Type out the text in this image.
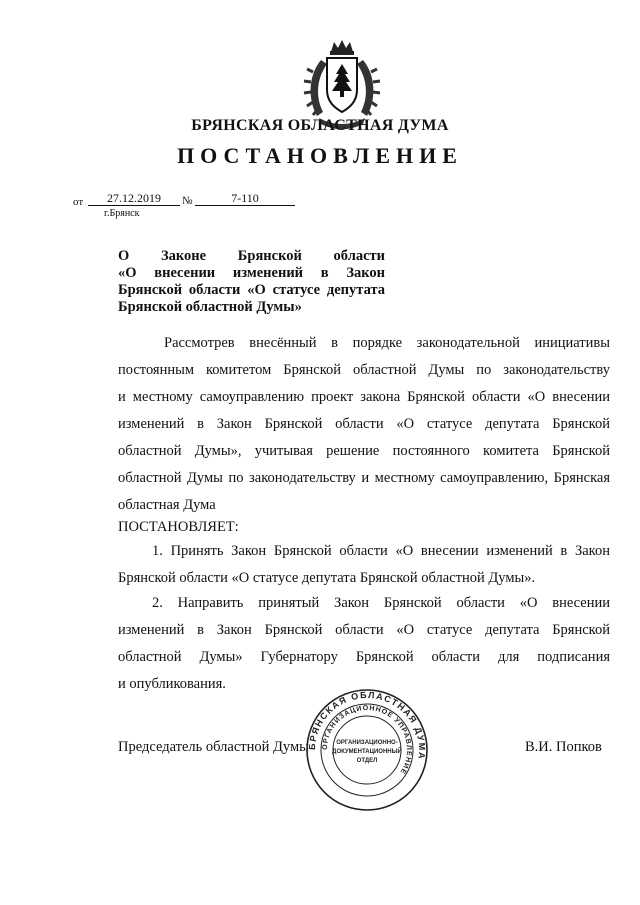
БРЯНСКАЯ ОБЛАСТНАЯ ДУМА
ПОСТАНОВЛЕНИЕ
от	27.12.2019	№	7-110
г.Брянск
О Законе Брянской области
«О внесении изменений в Закон
Брянской области «О статусе депутата
Брянской областной Думы»
Рассмотрев внесённый в порядке законодательной инициативы
постоянным комитетом Брянской областной Думы по законодательству
и местному самоуправлению проект закона Брянской области «О внесении
изменений в Закон Брянской области «О статусе депутата Брянской
областной Думы», учитывая решение постоянного комитета Брянской
областной Думы по законодательству и местному самоуправлению, Брянская
областная Дума
ПОСТАНОВЛЯЕТ:
1. Принять Закон Брянской области «О внесении изменений в Закон
Брянской области «О статусе депутата Брянской областной Думы».
2. Направить принятый Закон Брянской области «О внесении
изменений в Закон Брянской области «О статусе депутата Брянской
областной Думы» Губернатору Брянской области для подписания
и опубликования.
Председатель областной Думы	В.И. Попков
БРЯНСКАЯ ОБЛАСТНАЯ ДУМА
ОРГАНИЗАЦИОННОЕ УПРАВЛЕНИЕ
ОРГАНИЗАЦИОННО-
ДОКУМЕНТАЦИОННЫЙ
ОТДЕЛ
